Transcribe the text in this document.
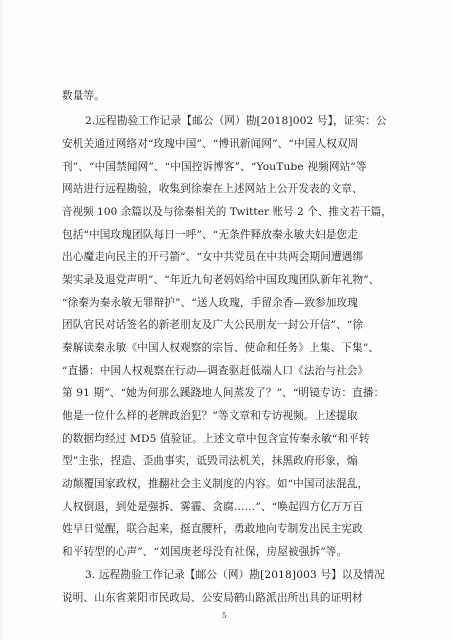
数量等。
2.远程勘验工作记录【邮公（网）勘[2018]002 号】，证实：公
安机关通过网络对“玫瑰中国”、“博讯新闻网”、“中国人权双周
刊”、“中国禁闻网”、“中国控诉博客”、“YouTube 视频网站”等
网站进行远程勘验，收集到徐秦在上述网站上公开发表的文章、
音视频 100 余篇以及与徐秦相关的 Twitter 账号 2 个、推文若干篇，
包括“中国玫瑰团队每日一呼”、“无条件释放秦永敏夫妇是您走
出心魔走向民主的开弓箭”、“女中共党员在中共两会期间遭遇绑
架实录及退党声明”、“年近九旬老妈妈给中国玫瑰团队新年礼物”、
“徐秦为秦永敏无罪辩护”、“送人玫瑰，手留余香—致参加玫瑰
团队官民对话签名的新老朋友及广大公民朋友一封公开信”、“徐
秦解读秦永敏《中国人权观察的宗旨、使命和任务》上集、下集”、
“直播：中国人权观察在行动—调查驱赶低端人口《法治与社会》
第 91 期”、“她为何那么蹊跷地人间蒸发了？”、“明镜专访：直播：
他是一位什么样的老牌政治犯？”等文章和专访视频。上述提取
的数据均经过 MD5 值验证。上述文章中包含宣传秦永敏“和平转
型”主张，捏造、歪曲事实，诋毁司法机关，抹黑政府形象，煽
动颠覆国家政权，推翻社会主义制度的内容。如“中国司法混乱，
人权倒退，到处是强拆、雾霾、贪腐……”、“唤起四方亿万万百
姓早日觉醒，联合起来，挺直腰杆，勇敢地向专制发出民主宪政
和平转型的心声”、“刘国庚老母没有社保，房屋被强拆”等。
3. 远程勘验工作记录【邮公（网）勘[2018]003 号】以及情况
说明、山东省莱阳市民政局、公安局鹤山路派出所出具的证明材
5
